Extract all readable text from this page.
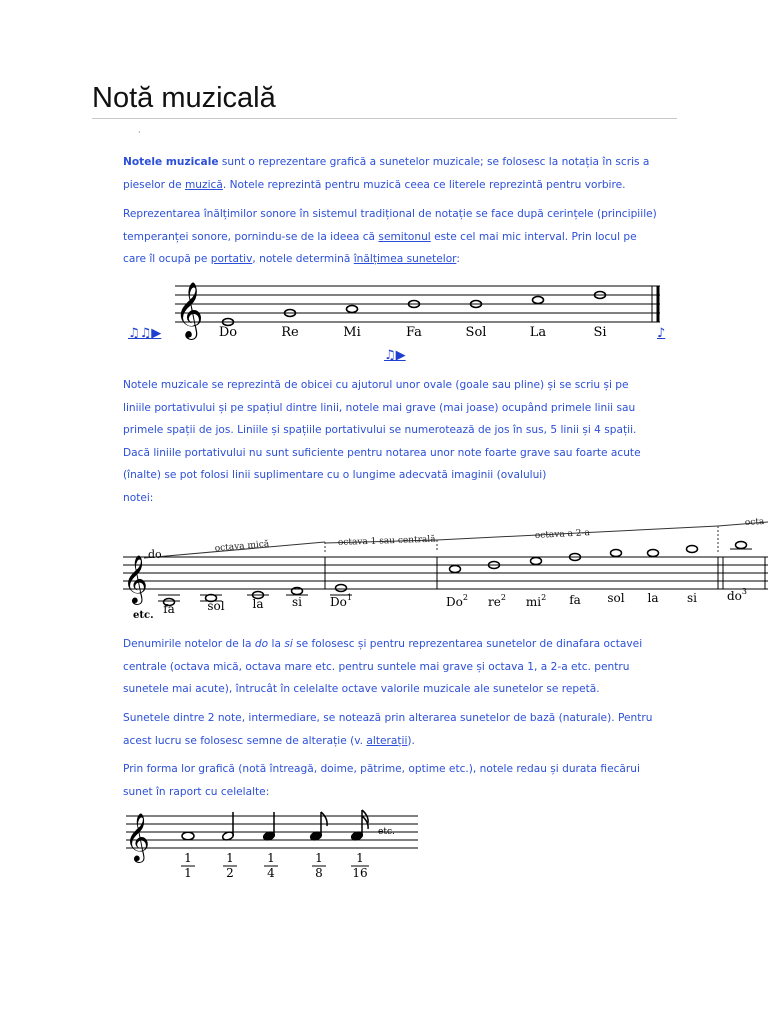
Notă muzicală
·

Notele muzicale sunt o reprezentare grafică a sunetelor muzicale; se folosesc la notația în scris a pieselor de muzică. Notele reprezintă pentru muzică ceea ce literele reprezintă pentru vorbire.

Reprezentarea înălțimilor sonore în sistemul tradițional de notație se face după cerințele (principiile) temperanței sonore, pornindu-se de la ideea că semitonul este cel mai mic interval. Prin locul pe care îl ocupă pe portativ, notele determină înălțimea sunetelor:

𝄞 Do	Re	Mi	Fa	Sol	La	Si
♫♫▶	♪
♫▶

Notele muzicale se reprezintă de obicei cu ajutorul unor ovale (goale sau pline) și se scriu și pe liniile portativului și pe spațiul dintre linii, notele mai grave (mai joase) ocupând primele linii sau primele spații de jos. Liniile și spațiile portativului se numerotează de jos în sus, 5 linii și 4 spații. Dacă liniile portativului nu sunt suficiente pentru notarea unor note foarte grave sau foarte acute (înalte) se pot folosi linii suplimentare cu o lungime adecvată imaginii (ovalului)
notei:

octava mică	octava 1 sau centrală
octava a 2-a
octa
do
𝄞
etc. fa	sol la si Do$^1$	Do$^2$ $re^2$ $mi^2$ fa sol la si	$do^3$

Denumirile notelor de la do la si se folosesc și pentru reprezentarea sunetelor de dinafara octavei centrale (octava mică, octava mare etc. pentru suntele mai grave și octava 1, a 2-a etc. pentru sunetele mai acute), întrucât în celelalte octave valorile muzicale ale sunetelor se repetă.

Sunetele dintre 2 note, intermediare, se notează prin alterarea sunetelor de bază (naturale). Pentru acest lucru se folosesc semne de alterație (v. alterații).

Prin forma lor grafică (notă întreagă, doime, pătrime, optime etc.), notele redau și durata fiecărui sunet în raport cu celelalte:

𝄞	etc.
1	1	1	1	1
1	2	4	8 16
